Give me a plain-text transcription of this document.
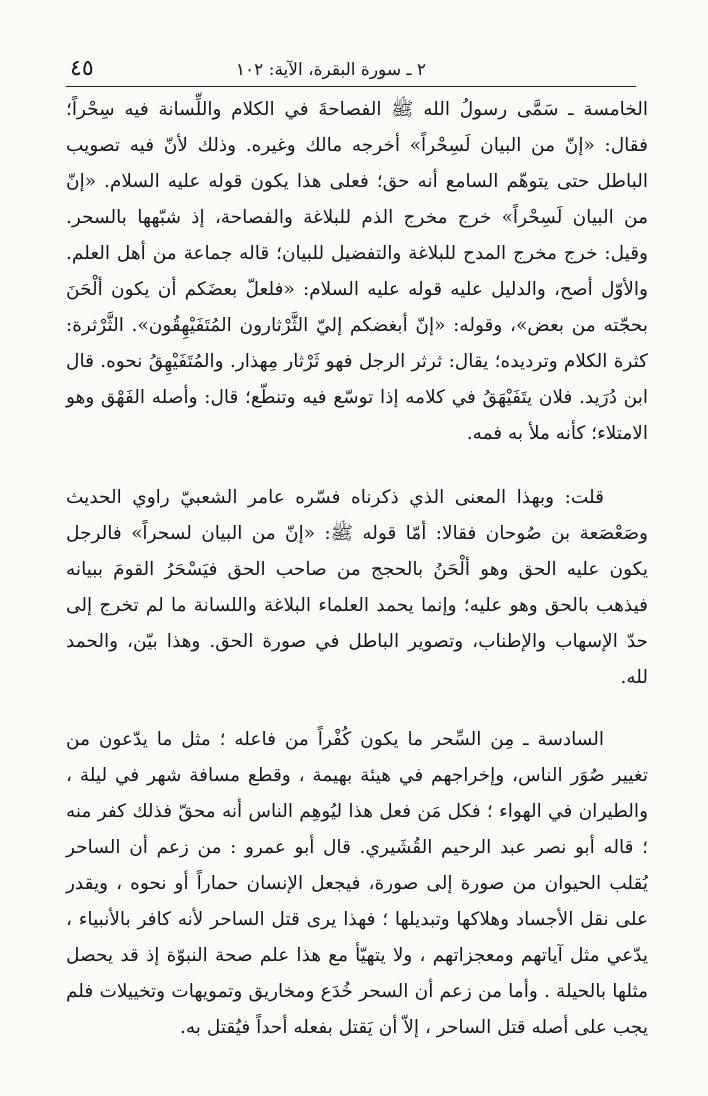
٤٥	٢ ـ سورة البقرة، الآية: ١٠٢

الخامسة ـ سَمَّى رسولُ الله ﷺ الفصاحةَ في الكلام واللِّسانة فيه سِحْراً؛ فقال: «إنّ من البيان لَسِحْراً» أخرجه مالك وغيره. وذلك لأنّ فيه تصويب الباطل حتى يتوهّم السامع أنه حق؛ فعلى هذا يكون قوله عليه السلام. «إنّ من البيان لَسِحْراً» خرج مخرج الذم للبلاغة والفصاحة، إذ شبّهها بالسحر. وقيل: خرج مخرج المدح للبلاغة والتفضيل للبيان؛ قاله جماعة من أهل العلم. والأوّل أصح، والدليل عليه قوله عليه السلام: «فلعلّ بعضَكم أن يكون ألْحَنَ بحجّته من بعض»، وقوله: «إنّ أبغضكم إليّ الثَّرْثارون المُتَفَيْهِقُون». الثَّرْثرة: كثرة الكلام وترديده؛ يقال: ثرثر الرجل فهو ثَرْثار مِهذار. والمُتَفَيْهِقُ نحوه. قال ابن دُرَيد. فلان يتَفَيْهَقُ في كلامه إذا توسّع فيه وتنطّع؛ قال: وأصله الفَهْق وهو الامتلاء؛ كأنه ملأ به فمه.

قلت: وبهذا المعنى الذي ذكرناه فسّره عامر الشعبيّ راوي الحديث وصَعْصَعة بن صُوحان فقالا: أمّا قوله ﷺ: «إنّ من البيان لسحراً» فالرجل يكون عليه الحق وهو ألْحَنُ بالحجج من صاحب الحق فيَسْحَرُ القومَ ببيانه فيذهب بالحق وهو عليه؛ وإنما يحمد العلماء البلاغة واللسانة ما لم تخرج إلى حدّ الإسهاب والإطناب، وتصوير الباطل في صورة الحق. وهذا بيّن، والحمد لله.

السادسة ـ مِن السِّحر ما يكون كُفْراً من فاعله ؛ مثل ما يدّعون من تغيير صُوَر الناس، وإخراجهم في هيئة بهيمة ، وقطع مسافة شهر في ليلة ، والطيران في الهواء ؛ فكل مَن فعل هذا ليُوهِم الناس أنه محقّ فذلك كفر منه ؛ قاله أبو نصر عبد الرحيم القُشَيري. قال أبو عمرو : من زعم أن الساحر يُقلب الحيوان من صورة إلى صورة، فيجعل الإنسان حماراً أو نحوه ، ويقدر على نقل الأجساد وهلاكها وتبديلها ؛ فهذا يرى قتل الساحر لأنه كافر بالأنبياء ، يدّعي مثل آياتهم ومعجزاتهم ، ولا يتهيّأ مع هذا علم صحة النبوّة إذ قد يحصل مثلها بالحيلة . وأما من زعم أن السحر خُدَع ومخاريق وتمويهات وتخييلات فلم يجب على أصله قتل الساحر ، إلاّ أن يَقتل بفعله أحداً فيُقتل به.
